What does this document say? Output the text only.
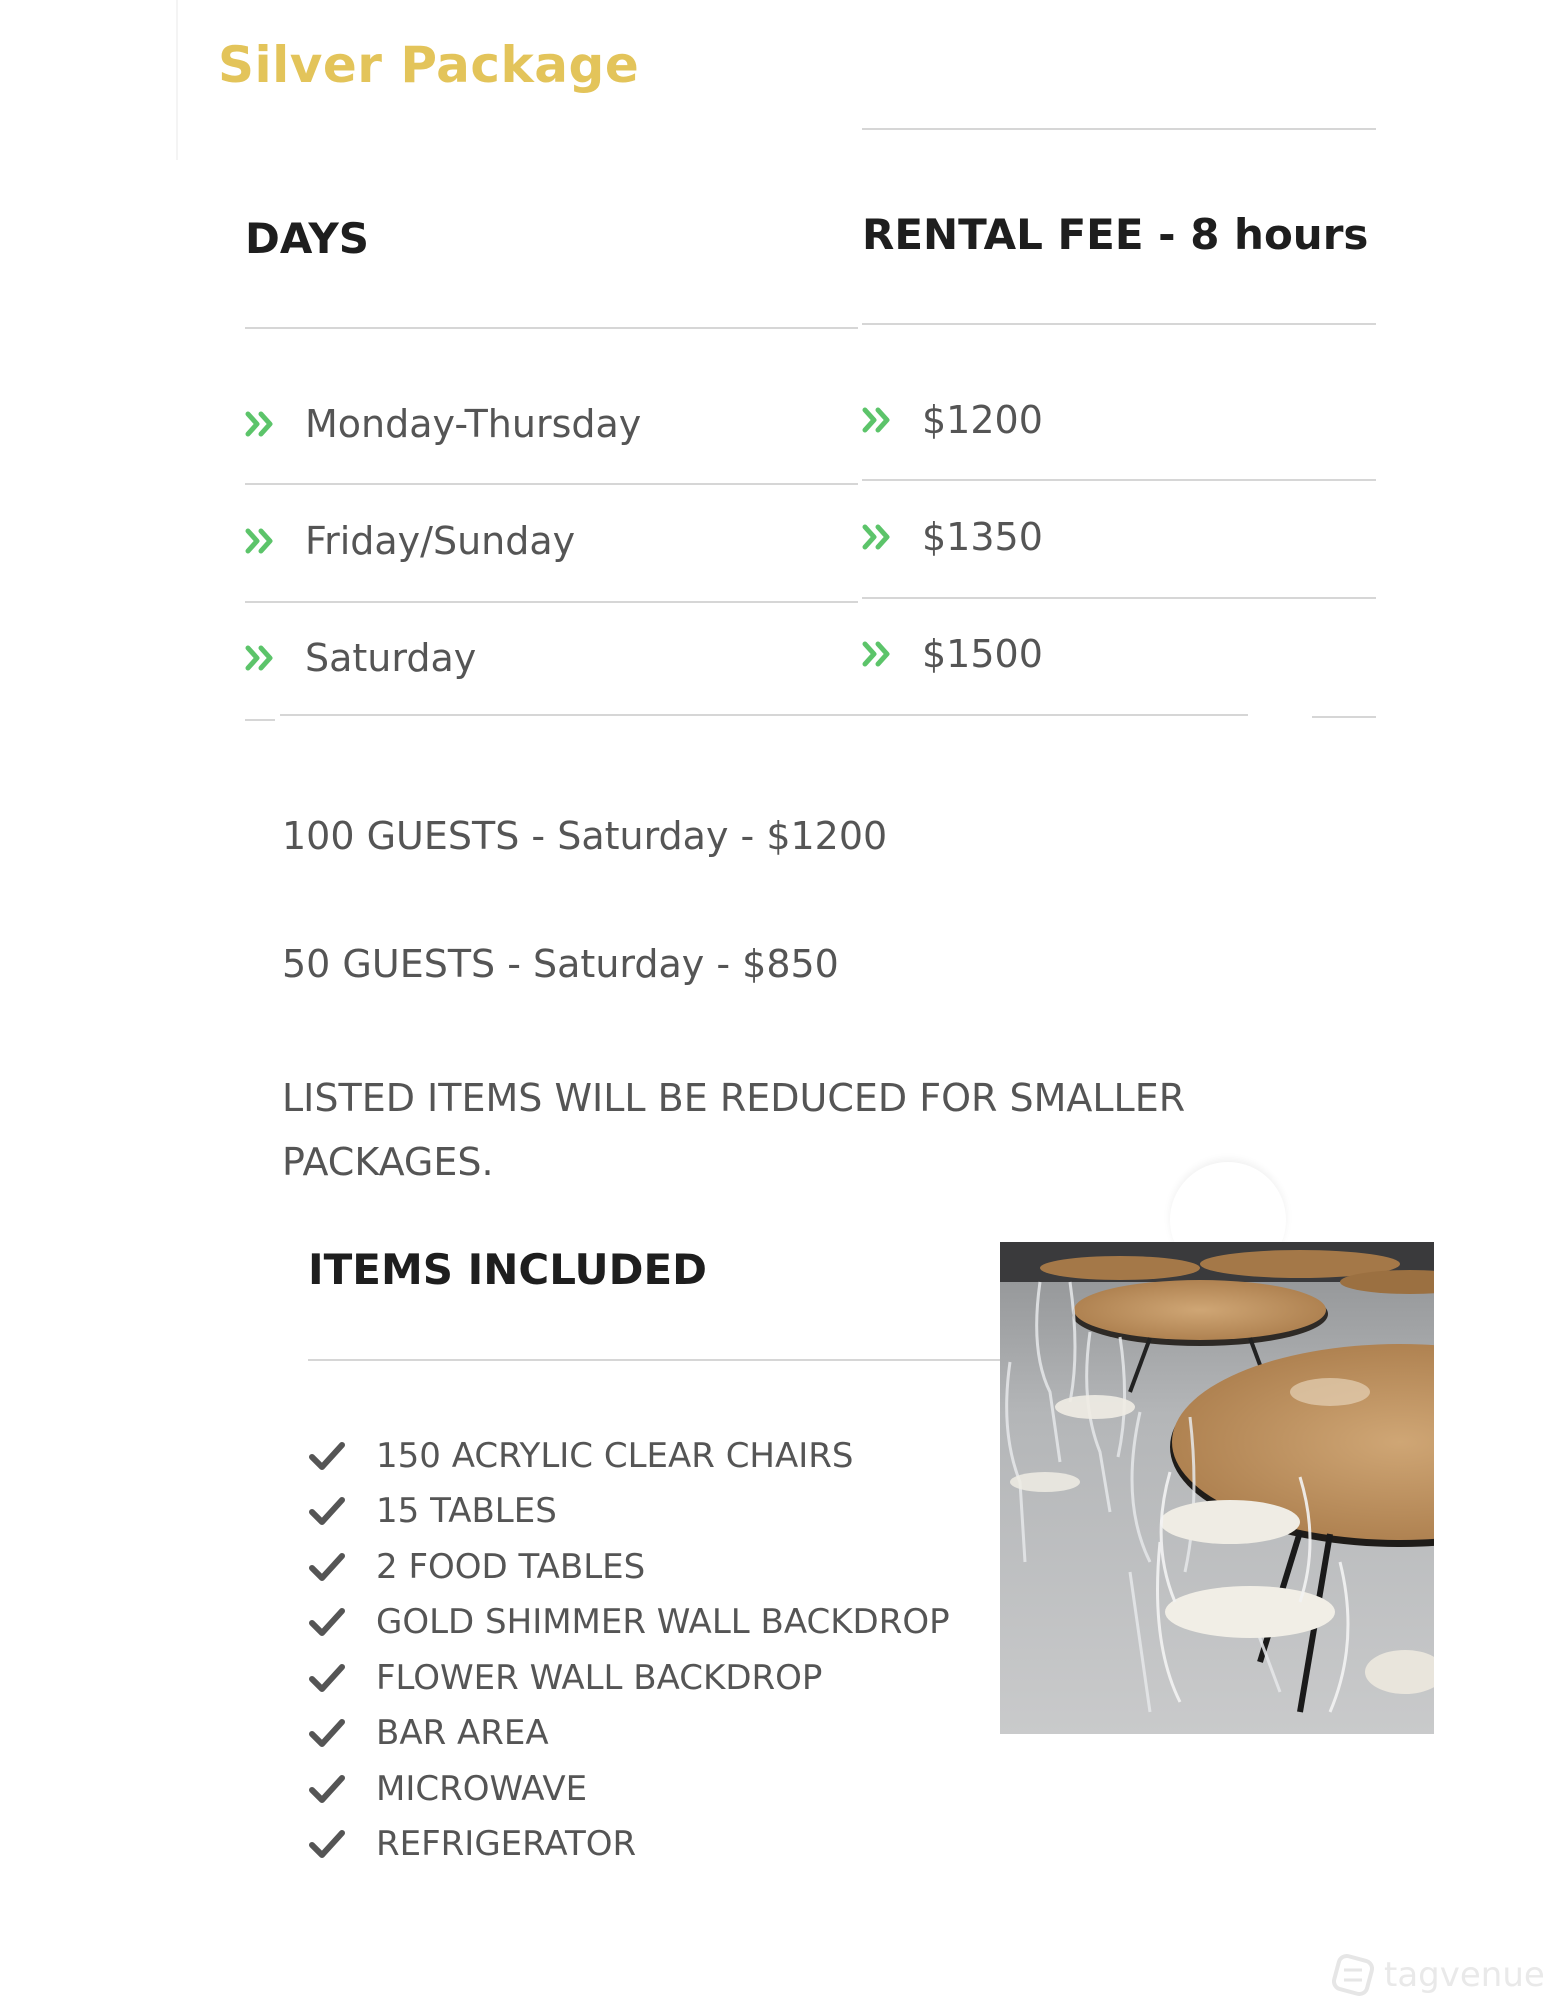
Silver Package
DAYS	RENTAL FEE - 8 hours
Monday-Thursday	$1200
Friday/Sunday	$1350
Saturday	$1500
100 GUESTS - Saturday - $1200
50 GUESTS - Saturday - $850
LISTED ITEMS WILL BE REDUCED FOR SMALLER PACKAGES.
ITEMS INCLUDED
150 ACRYLIC CLEAR CHAIRS
15 TABLES
2 FOOD TABLES
GOLD SHIMMER WALL BACKDROP
FLOWER WALL BACKDROP
BAR AREA
MICROWAVE
REFRIGERATOR
tagvenue
